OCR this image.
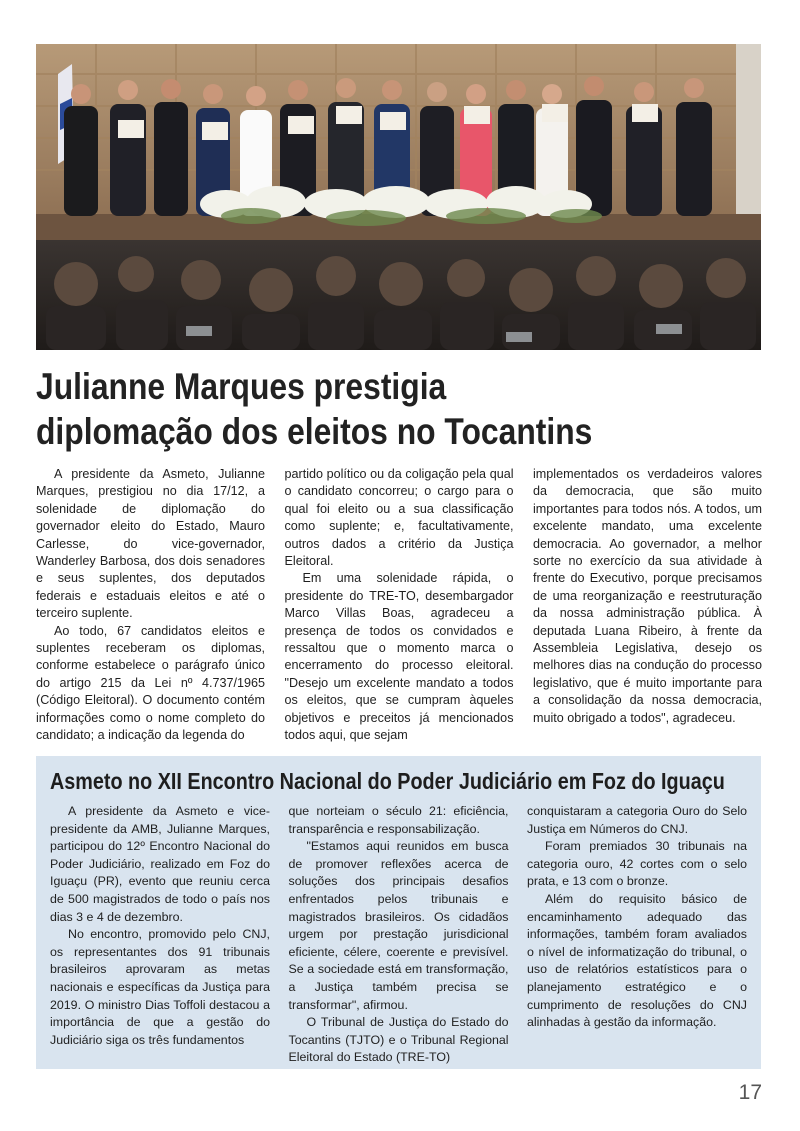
Julianne Marques prestigia
diplomação dos eleitos no Tocantins

A presidente da Asmeto, Julianne Marques, prestigiou no dia 17/12, a solenidade de diplomação do governador eleito do Estado, Mauro Carlesse, do vice-governador, Wanderley Barbosa, dos dois senadores e seus suplentes, dos deputados federais e estaduais eleitos e até o terceiro suplente.

Ao todo, 67 candidatos eleitos e suplentes receberam os diplomas, conforme estabelece o parágrafo único do artigo 215 da Lei nº 4.737/1965 (Código Eleitoral). O documento contém informações como o nome completo do candidato; a indicação da legenda do

partido político ou da coligação pela qual o candidato concorreu; o cargo para o qual foi eleito ou a sua classificação como suplente; e, facultativamente, outros dados a critério da Justiça Eleitoral.

Em uma solenidade rápida, o presidente do TRE-TO, desembargador Marco Villas Boas, agradeceu a presença de todos os convidados e ressaltou que o momento marca o encerramento do processo eleitoral. "Desejo um excelente mandato a todos os eleitos, que se cumpram àqueles objetivos e preceitos já mencionados todos aqui, que sejam

implementados os verdadeiros valores da democracia, que são muito importantes para todos nós. A todos, um excelente mandato, uma excelente democracia. Ao governador, a melhor sorte no exercício da sua atividade à frente do Executivo, porque precisamos de uma reorganização e reestruturação da nossa administração pública. À deputada Luana Ribeiro, à frente da Assembleia Legislativa, desejo os melhores dias na condução do processo legislativo, que é muito importante para a consolidação da nossa democracia, muito obrigado a todos", agradeceu.

Asmeto no XII Encontro Nacional do Poder Judiciário em Foz do Iguaçu

A presidente da Asmeto e vice-presidente da AMB, Julianne Marques, participou do 12º Encontro Nacional do Poder Judiciário, realizado em Foz do Iguaçu (PR), evento que reuniu cerca de 500 magistrados de todo o país nos dias 3 e 4 de dezembro.

No encontro, promovido pelo CNJ, os representantes dos 91 tribunais brasileiros aprovaram as metas nacionais e específicas da Justiça para 2019. O ministro Dias Toffoli destacou a importância de que a gestão do Judiciário siga os três fundamentos

que norteiam o século 21: eficiência, transparência e responsabilização.

"Estamos aqui reunidos em busca de promover reflexões acerca de soluções dos principais desafios enfrentados pelos tribunais e magistrados brasileiros. Os cidadãos urgem por prestação jurisdicional eficiente, célere, coerente e previsível. Se a sociedade está em transformação, a Justiça também precisa se transformar", afirmou.

O Tribunal de Justiça do Estado do Tocantins (TJTO) e o Tribunal Regional Eleitoral do Estado (TRE-TO)

conquistaram a categoria Ouro do Selo Justiça em Números do CNJ.

Foram premiados 30 tribunais na categoria ouro, 42 cortes com o selo prata, e 13 com o bronze.

Além do requisito básico de encaminhamento adequado das informações, também foram avaliados o nível de informatização do tribunal, o uso de relatórios estatísticos para o planejamento estratégico e o cumprimento de resoluções do CNJ alinhadas à gestão da informação.

17
